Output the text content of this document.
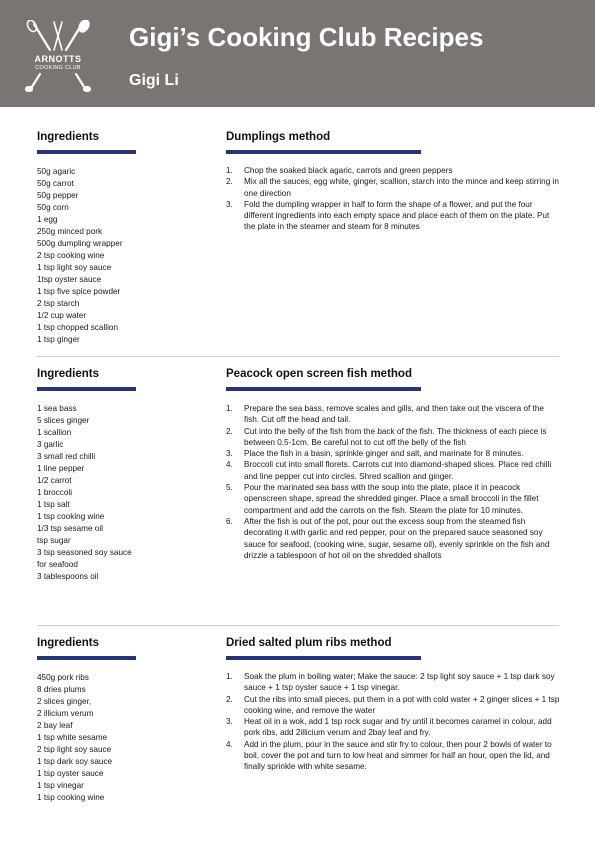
ARNOTTS
COOKING CLUB
Gigi’s Cooking Club Recipes
Gigi Li
Ingredients	Dumplings method
50g agaric
50g carrot
50g pepper
50g corn
1 egg
250g minced pork
500g dumpling wrapper
2 tsp cooking wine
1 tsp light soy sauce
1tsp oyster sauce
1 tsp five spice powder
2 tsp starch
1/2 cup water
1 tsp chopped scallion
1 tsp ginger
1. Chop the soaked black agaric, carrots and green peppers
2. Mix all the sauces, egg white, ginger, scallion, starch into the mince and keep stirring in one direction
3. Fold the dumpling wrapper in half to form the shape of a flower, and put the four different ingredients into each empty space and place each of them on the plate. Put the plate in the steamer and steam for 8 minutes
Ingredients	Peacock open screen fish method
1 sea bass
5 slices ginger
1 scallion
3 garlic
3 small red chilli
1 line pepper
1/2 carrot
1 broccoli
1 tsp salt
1 tsp cooking wine
1/3 tsp sesame oil
tsp sugar
3 tsp seasoned soy sauce
for seafood
3 tablespoons oil
1. Prepare the sea bass, remove scales and gills, and then take out the viscera of the fish. Cut off the head and tail.
2. Cut into the belly of the fish from the back of the fish. The thickness of each piece is between 0.5-1cm. Be careful not to cut off the belly of the fish
3. Place the fish in a basin, sprinkle ginger and salt, and marinate for 8 minutes.
4. Broccoli cut into small florets. Carrots cut into diamond-shaped slices. Place red chilli and line pepper cut into circles. Shred scallion and ginger.
5. Pour the marinated sea bass with the soup into the plate, place it in peacock openscreen shape, spread the shredded ginger. Place a small broccoli in the fillet compartment and add the carrots on the fish. Steam the plate for 10 minutes.
6. After the fish is out of the pot, pour out the excess soup from the steamed fish decorating it with garlic and red pepper, pour on the prepared sauce seasoned soy sauce for seafood, (cooking wine, sugar, sesame oil), evenly sprinkle on the fish and drizzle a tablespoon of hot oil on the shredded shallots
Ingredients	Dried salted plum ribs method
450g pork ribs
8 dries plums
2 slices ginger,
2 illicium verum
2 bay leaf
1 tsp white sesame
2 tsp light soy sauce
1 tsp dark soy sauce
1 tsp oyster sauce
1 tsp vinegar
1 tsp cooking wine
1. Soak the plum in boiling water; Make the sauce: 2 tsp light soy sauce + 1 tsp dark soy sauce + 1 tsp oyster sauce + 1 tsp vinegar.
2. Cut the ribs into small pieces, put them in a pot with cold water + 2 ginger slices + 1 tsp cooking wine, and remove the water
3. Heat oil in a wok, add 1 tsp rock sugar and fry until it becomes caramel in colour, add pork ribs, add 2illicium verum and 2bay leaf and fry.
4. Add in the plum, pour in the sauce and stir fry to colour, then pour 2 bowls of water to boil, cover the pot and turn to low heat and simmer for half an hour, open the lid, and finally sprinkle with white sesame.
